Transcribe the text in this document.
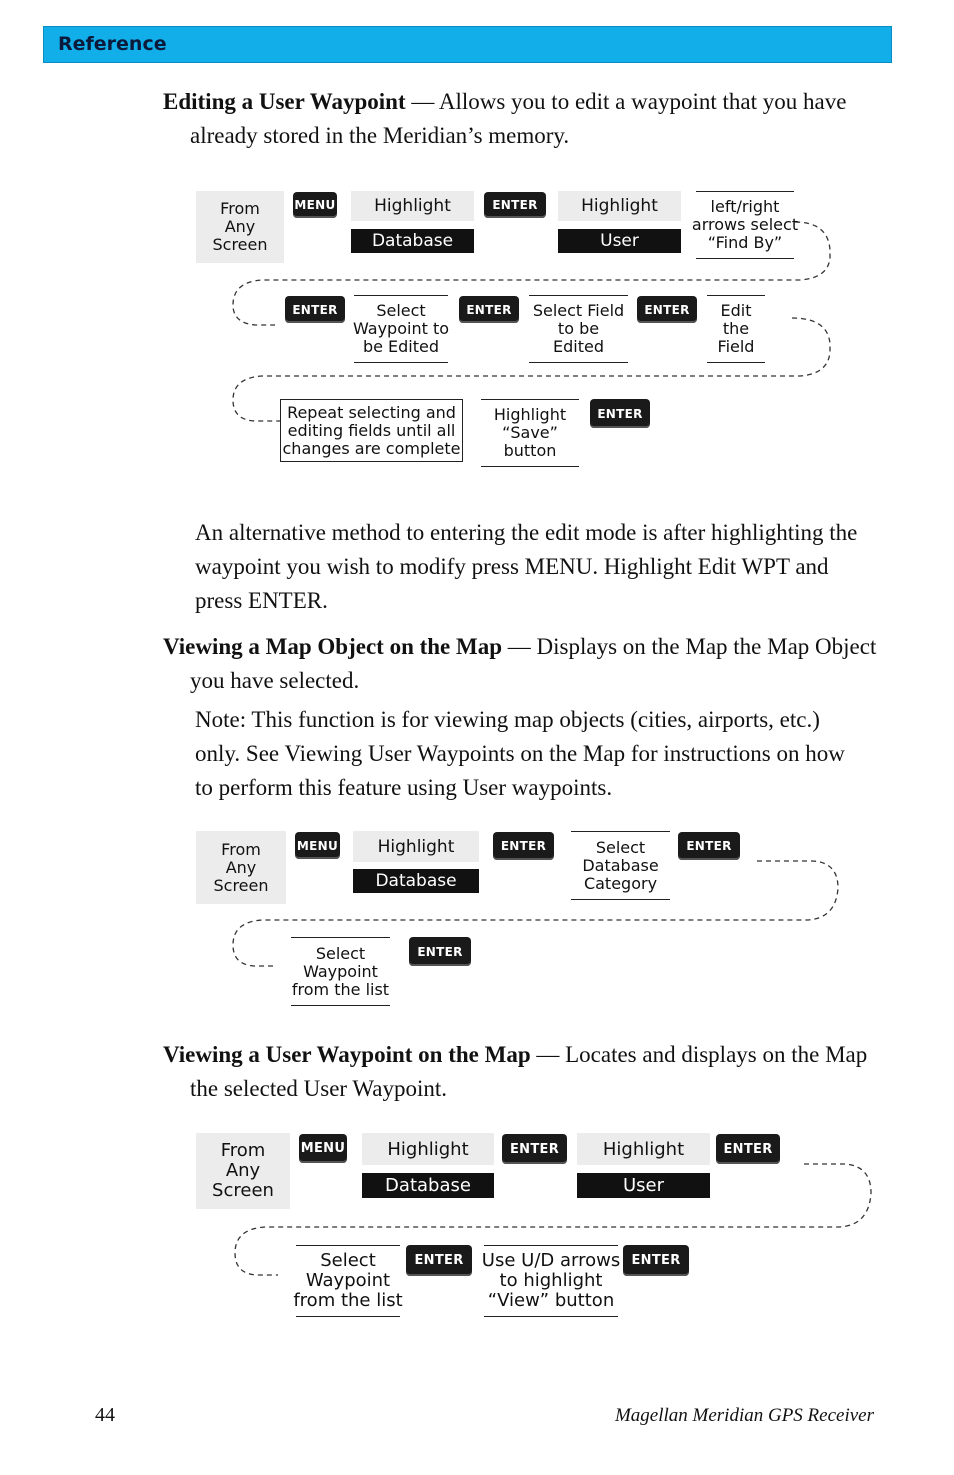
Reference

Editing a User Waypoint — Allows you to edit a waypoint that you have already stored in the Meridian’s memory.

From
Any
Screen
MENU	Highlight
Database
ENTER	Highlight
User
left/right
arrows select
“Find By”
ENTER	Select
Waypoint to
be Edited
ENTER	Select Field
to be
Edited
ENTER	Edit
the
Field
Repeat selecting and
editing fields until all
changes are complete
Highlight
“Save”
button
ENTER

An alternative method to entering the edit mode is after highlighting the waypoint you wish to modify press MENU. Highlight Edit WPT and press ENTER.

Viewing a Map Object on the Map — Displays on the Map the Map Object you have selected.

Note: This function is for viewing map objects (cities, airports, etc.) only. See Viewing User Waypoints on the Map for instructions on how to perform this feature using User waypoints.

From
Any
Screen
MENU	Highlight
Database
ENTER	Select
Database
Category
ENTER
Select
Waypoint
from the list
ENTER

Viewing a User Waypoint on the Map — Locates and displays on the Map the selected User Waypoint.

From
Any
Screen
MENU	Highlight
Database
ENTER	Highlight
User
ENTER
Select
Waypoint
from the list
ENTER	Use U/D arrows
to highlight
“View” button
ENTER
44	Magellan Meridian GPS Receiver
